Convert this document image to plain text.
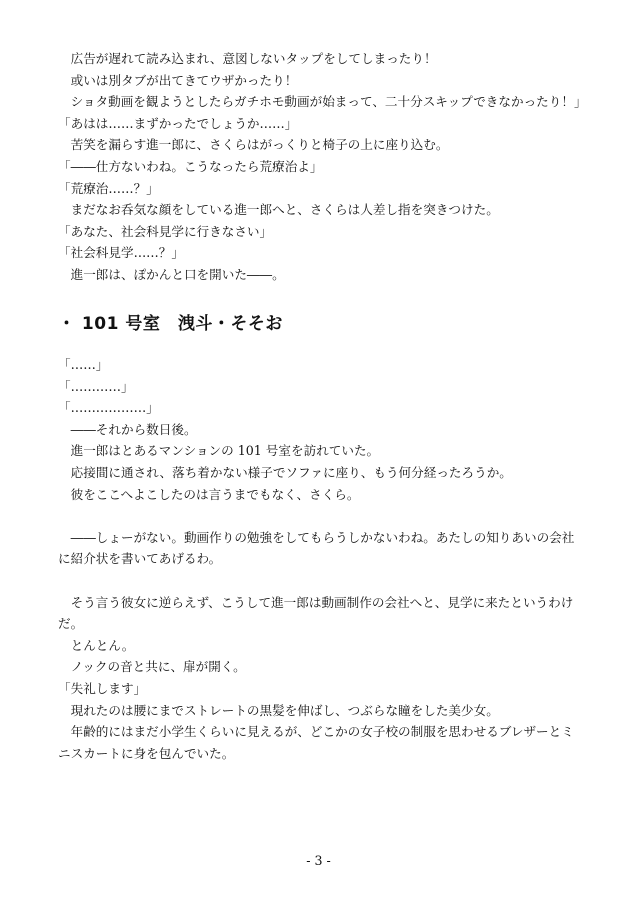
　広告が遅れて読み込まれ、意図しないタップをしてしまったり！

　或いは別タブが出てきてウザかったり！

　ショタ動画を観ようとしたらガチホモ動画が始まって、二十分スキップできなかったり！」

「あはは……まずかったでしょうか……」

　苦笑を漏らす進一郎に、さくらはがっくりと椅子の上に座り込む。

「――仕方ないわね。こうなったら荒療治よ」

「荒療治……？」

　まだなお呑気な顔をしている進一郎へと、さくらは人差し指を突きつけた。

「あなた、社会科見学に行きなさい」

「社会科見学……？」

　進一郎は、ぽかんと口を開いた――。

・ 101 号室　洩斗・そそお

「……」

「…………」

「………………」

　――それから数日後。

　進一郎はとあるマンションの 101 号室を訪れていた。

　応接間に通され、落ち着かない様子でソファに座り、もう何分経ったろうか。

　彼をここへよこしたのは言うまでもなく、さくら。

　――しょーがない。動画作りの勉強をしてもらうしかないわね。あたしの知りあいの会社に紹介状を書いてあげるわ。

　そう言う彼女に逆らえず、こうして進一郎は動画制作の会社へと、見学に来たというわけだ。

　とんとん。

　ノックの音と共に、扉が開く。

「失礼します」

　現れたのは腰にまでストレートの黒髪を伸ばし、つぶらな瞳をした美少女。

　年齢的にはまだ小学生くらいに見えるが、どこかの女子校の制服を思わせるブレザーとミニスカートに身を包んでいた。

- 3 -
